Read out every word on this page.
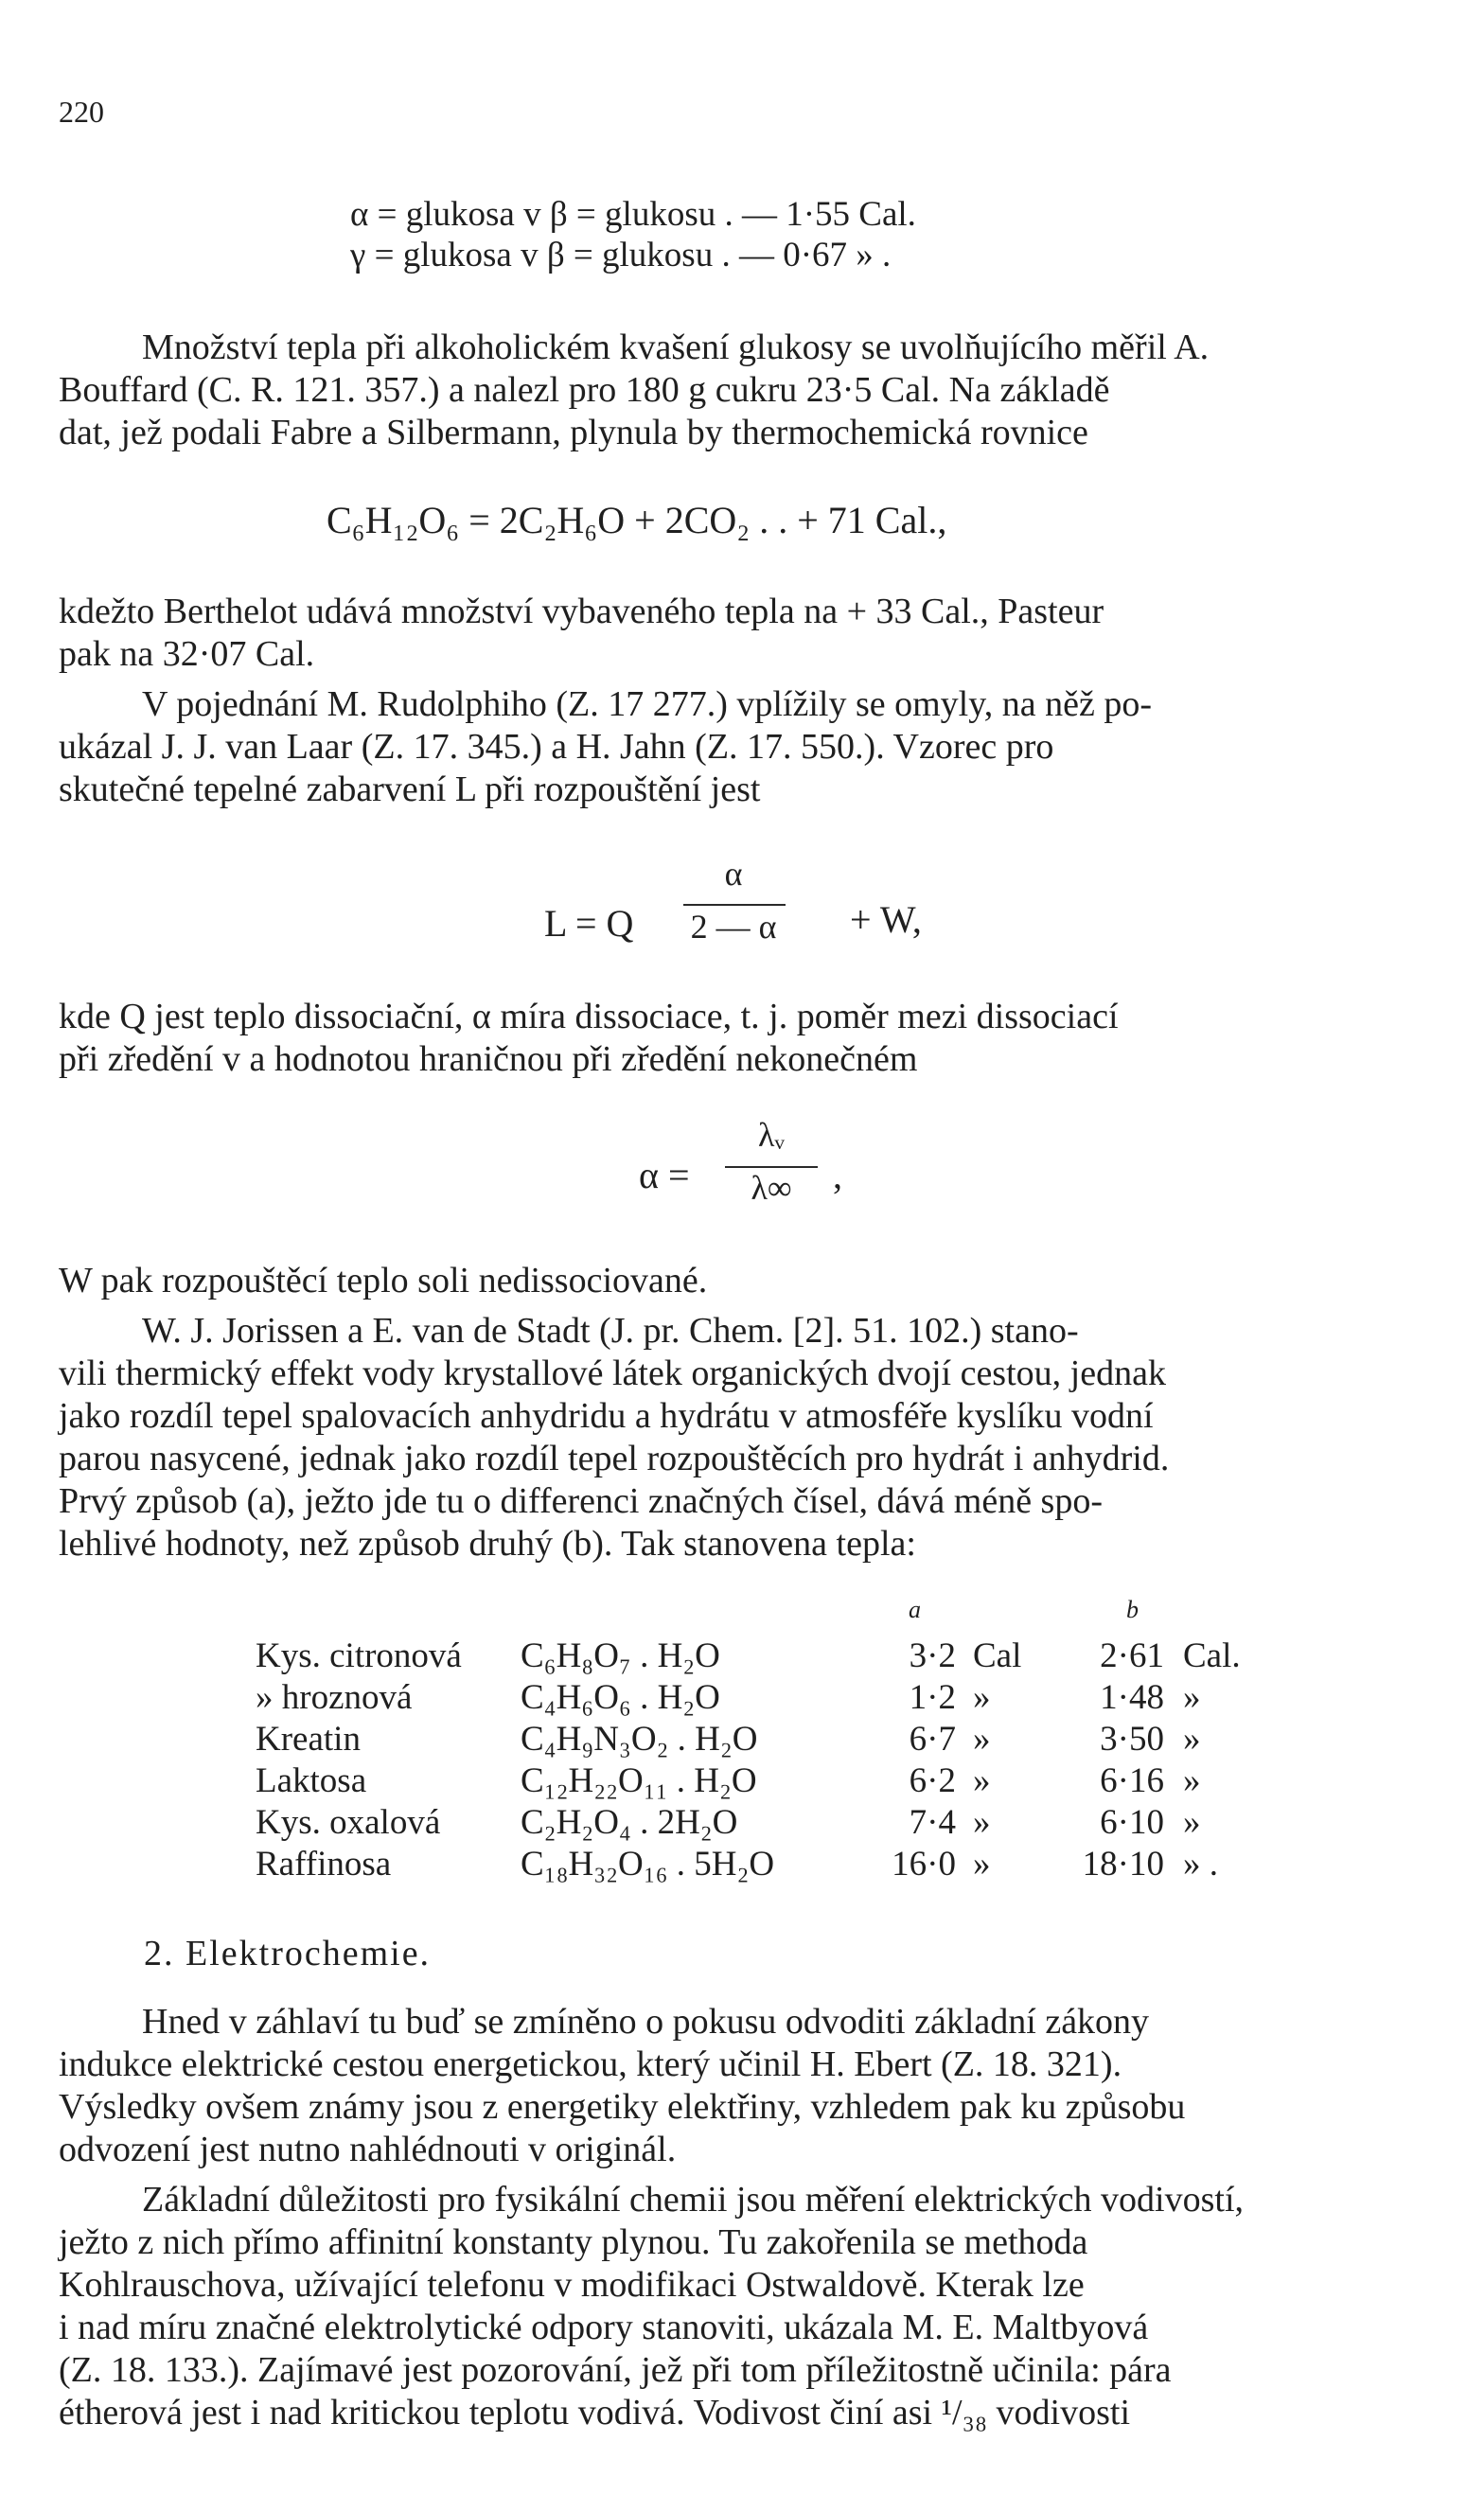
220
α = glukosa v β = glukosu . — 1·55 Cal.
γ = glukosa v β = glukosu . — 0·67 » .
Množství tepla při alkoholickém kvašení glukosy se uvolňujícího měřil A.
Bouffard (C. R. 121. 357.) a nalezl pro 180 g cukru 23·5 Cal. Na základě
dat, jež podali Fabre a Silbermann, plynula by thermochemická rovnice
C₆H₁₂O₆ = 2C₂H₆O + 2CO₂ . . + 71 Cal.,
kdežto Berthelot udává množství vybaveného tepla na + 33 Cal., Pasteur
pak na 32·07 Cal.
V pojednání M. Rudolphiho (Z. 17 277.) vplížily se omyly, na něž po-
ukázal J. J. van Laar (Z. 17. 345.) a H. Jahn (Z. 17. 550.). Vzorec pro
skutečné tepelné zabarvení L při rozpouštění jest
L = Q
α
2 — α + W,
kde Q jest teplo dissociační, α míra dissociace, t. j. poměr mezi dissociací
při zředění v a hodnotou hraničnou při zředění nekonečném
α =
λᵥ
λ∞	,
W pak rozpouštěcí teplo soli nedissociované.
W. J. Jorissen a E. van de Stadt (J. pr. Chem. [2]. 51. 102.) stano-
vili thermický effekt vody krystallové látek organických dvojí cestou, jednak
jako rozdíl tepel spalovacích anhydridu a hydrátu v atmosféře kyslíku vodní
parou nasycené, jednak jako rozdíl tepel rozpouštěcích pro hydrát i anhydrid.
Prvý způsob (a), ježto jde tu o differenci značných čísel, dává méně spo-
lehlivé hodnoty, než způsob druhý (b). Tak stanovena tepla:
a	b
Kys. citronová C₆H₈O₇ . H₂O	3·2 Cal	2·61 Cal.
» hroznová	C₄H₆O₆ . H₂O	1·2 »	1·48 »
Kreatin	C₄H₉N₃O₂ . H₂O	6·7 »	3·50 »
Laktosa	C₁₂H₂₂O₁₁ . H₂O	6·2 »	6·16 »
Kys. oxalová C₂H₂O₄ . 2H₂O	7·4 »	6·10 »
Raffinosa	C₁₈H₃₂O₁₆ . 5H₂O	16·0 »	18·10 » .
2. Elektrochemie.
Hned v záhlaví tu buď se zmíněno o pokusu odvoditi základní zákony
indukce elektrické cestou energetickou, který učinil H. Ebert (Z. 18. 321).
Výsledky ovšem známy jsou z energetiky elektřiny, vzhledem pak ku způsobu
odvození jest nutno nahlédnouti v originál.
Základní důležitosti pro fysikální chemii jsou měření elektrických vodivostí,
ježto z nich přímo affinitní konstanty plynou. Tu zakořenila se methoda
Kohlrauschova, užívající telefonu v modifikaci Ostwaldově. Kterak lze
i nad míru značné elektrolytické odpory stanoviti, ukázala M. E. Maltbyová
(Z. 18. 133.). Zajímavé jest pozorování, jež při tom příležitostně učinila: pára
étherová jest i nad kritickou teplotu vodivá. Vodivost činí asi ¹/₃₈ vodivosti
